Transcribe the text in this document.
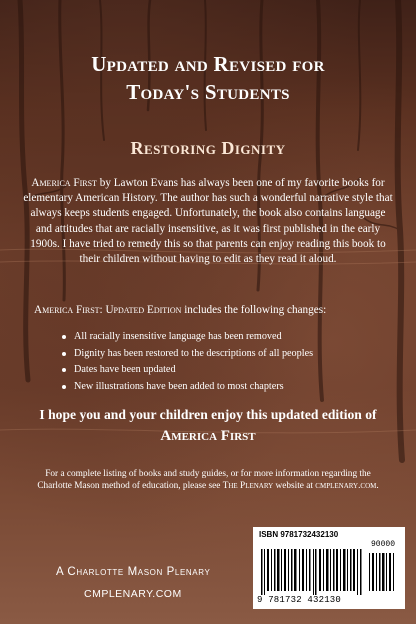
Updated and Revised for
Today's Students
Restoring Dignity
America First by Lawton Evans has always been one of my favorite books for elementary American History. The author has such a wonderful narrative style that always keeps students engaged. Unfortunately, the book also contains language and attitudes that are racially insensitive, as it was first published in the early 1900s. I have tried to remedy this so that parents can enjoy reading this book to their children without having to edit as they read it aloud.
America First: Updated Edition includes the following changes:
All racially insensitive language has been removed
Dignity has been restored to the descriptions of all peoples
Dates have been updated
New illustrations have been added to most chapters
I hope you and your children enjoy this updated edition of
America First
For a complete listing of books and study guides, or for more information regarding the Charlotte Mason method of education, please see The Plenary website at cmplenary.com.
ISBN 9781732432130
90000
9 781732 432130
A Charlotte Mason Plenary
CMPLENARY.COM
